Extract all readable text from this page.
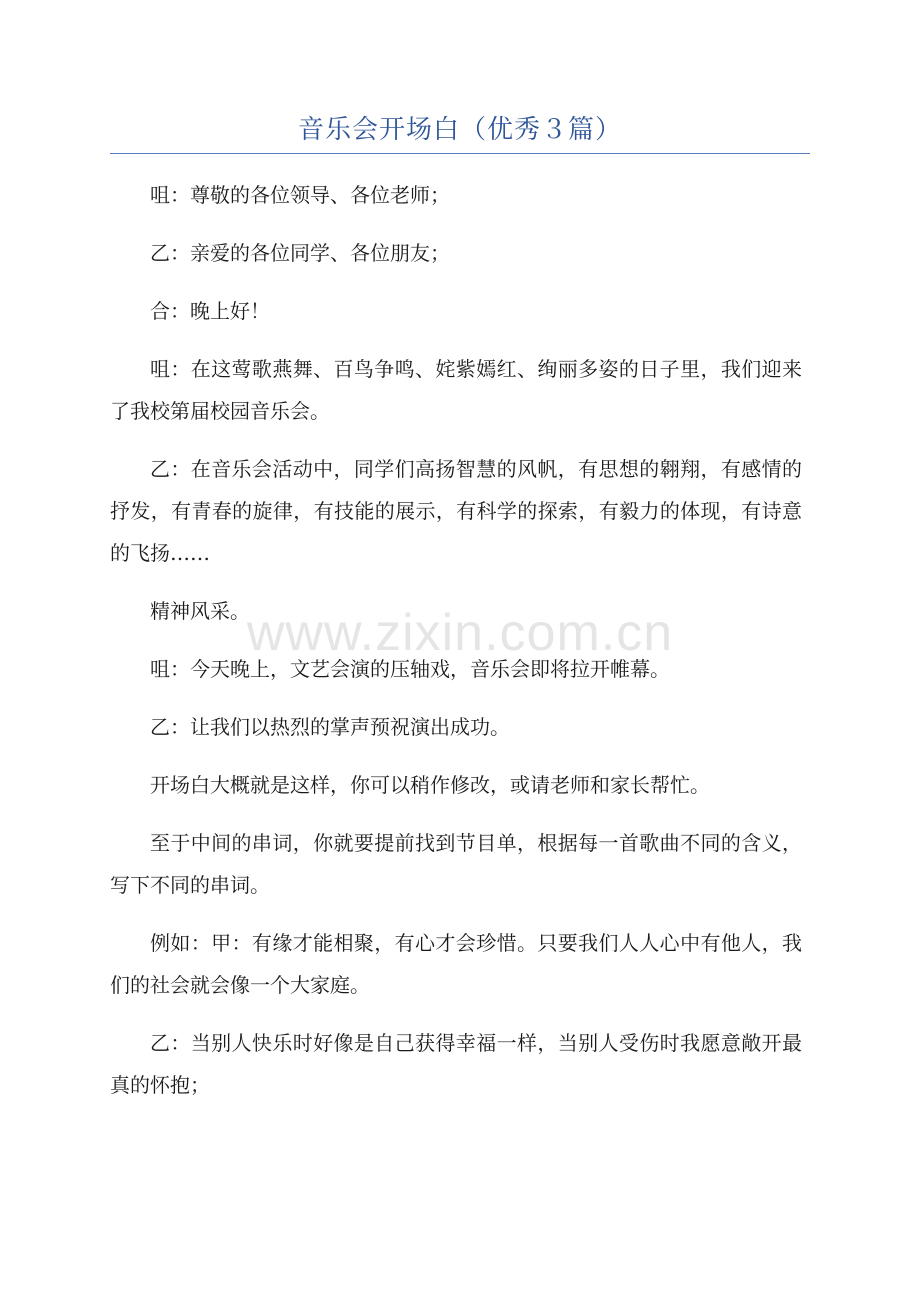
音乐会开场白（优秀３篇）

咀：尊敬的各位领导、各位老师；

乙：亲爱的各位同学、各位朋友；

合：晚上好！

咀：在这莺歌燕舞、百鸟争鸣、姹紫嫣红、绚丽多姿的日子里，我们迎来了我校第届校园音乐会。

乙：在音乐会活动中，同学们高扬智慧的风帆，有思想的翱翔，有感情的抒发，有青春的旋律，有技能的展示，有科学的探索，有毅力的体现，有诗意的飞扬……

精神风采。

咀：今天晚上，文艺会演的压轴戏，音乐会即将拉开帷幕。

乙：让我们以热烈的掌声预祝演出成功。

开场白大概就是这样，你可以稍作修改，或请老师和家长帮忙。

至于中间的串词，你就要提前找到节目单，根据每一首歌曲不同的含义，写下不同的串词。

例如：甲：有缘才能相聚，有心才会珍惜。只要我们人人心中有他人，我们的社会就会像一个大家庭。

乙：当别人快乐时好像是自己获得幸福一样，当别人受伤时我愿意敞开最真的怀抱；

www.zixin.com.cn
